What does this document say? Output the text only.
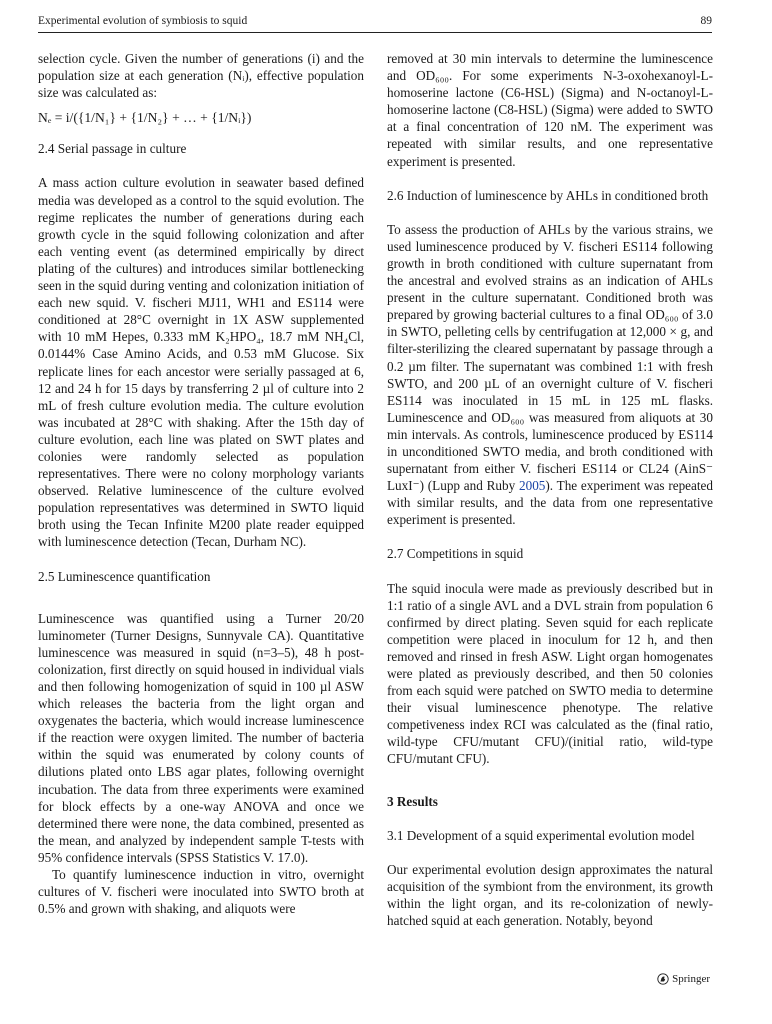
Experimental evolution of symbiosis to squid	89

selection cycle. Given the number of generations (i) and the population size at each generation (Nᵢ), effective population size was calculated as:

Nₑ = i/({1/N₁} + {1/N₂} + … + {1/Nᵢ})
2.4 Serial passage in culture

A mass action culture evolution in seawater based defined media was developed as a control to the squid evolution. The regime replicates the number of generations during each growth cycle in the squid following colonization and after each venting event (as determined empirically by direct plating of the cultures) and introduces similar bottlenecking seen in the squid during venting and colonization initiation of each new squid. V. fischeri MJ11, WH1 and ES114 were conditioned at 28°C overnight in 1X ASW supplemented with 10 mM Hepes, 0.333 mM K₂HPO₄, 18.7 mM NH₄Cl, 0.0144% Case Amino Acids, and 0.53 mM Glucose. Six replicate lines for each ancestor were serially passaged at 6, 12 and 24 h for 15 days by transferring 2 µl of culture into 2 mL of fresh culture evolution media. The culture evolution was incubated at 28°C with shaking. After the 15th day of culture evolution, each line was plated on SWT plates and colonies were randomly selected as population representatives. There were no colony morphology variants observed. Relative luminescence of the culture evolved population representatives was determined in SWTO liquid broth using the Tecan Infinite M200 plate reader equipped with luminescence detection (Tecan, Durham NC).

2.5 Luminescence quantification

Luminescence was quantified using a Turner 20/20 luminometer (Turner Designs, Sunnyvale CA). Quantitative luminescence was measured in squid (n=3–5), 48 h post-colonization, first directly on squid housed in individual vials and then following homogenization of squid in 100 µl ASW which releases the bacteria from the light organ and oxygenates the bacteria, which would increase luminescence if the reaction were oxygen limited. The number of bacteria within the squid was enumerated by colony counts of dilutions plated onto LBS agar plates, following overnight incubation. The data from three experiments were examined for block effects by a one-way ANOVA and once we determined there were none, the data combined, presented as the mean, and analyzed by independent sample T-tests with 95% confidence intervals (SPSS Statistics V. 17.0).

To quantify luminescence induction in vitro, overnight cultures of V. fischeri were inoculated into SWTO broth at 0.5% and grown with shaking, and aliquots were

removed at 30 min intervals to determine the luminescence and OD₆₀₀. For some experiments N-3-oxohexanoyl-L-homoserine lactone (C6-HSL) (Sigma) and N-octanoyl-L-homoserine lactone (C8-HSL) (Sigma) were added to SWTO at a final concentration of 120 nM. The experiment was repeated with similar results, and one representative experiment is presented.

2.6 Induction of luminescence by AHLs in conditioned broth

To assess the production of AHLs by the various strains, we used luminescence produced by V. fischeri ES114 following growth in broth conditioned with culture supernatant from the ancestral and evolved strains as an indication of AHLs present in the culture supernatant. Conditioned broth was prepared by growing bacterial cultures to a final OD₆₀₀ of 3.0 in SWTO, pelleting cells by centrifugation at 12,000 × g, and filter-sterilizing the cleared supernatant by passage through a 0.2 µm filter. The supernatant was combined 1:1 with fresh SWTO, and 200 µL of an overnight culture of V. fischeri ES114 was inoculated in 15 mL in 125 mL flasks. Luminescence and OD₆₀₀ was measured from aliquots at 30 min intervals. As controls, luminescence produced by ES114 in unconditioned SWTO media, and broth conditioned with supernatant from either V. fischeri ES114 or CL24 (AinS⁻ LuxI⁻) (Lupp and Ruby 2005). The experiment was repeated with similar results, and the data from one representative experiment is presented.

2.7 Competitions in squid

The squid inocula were made as previously described but in 1:1 ratio of a single AVL and a DVL strain from population 6 confirmed by direct plating. Seven squid for each replicate competition were placed in inoculum for 12 h, and then removed and rinsed in fresh ASW. Light organ homogenates were plated as previously described, and then 50 colonies from each squid were patched on SWTO media to determine their visual luminescence phenotype. The relative competiveness index RCI was calculated as the (final ratio, wild-type CFU/mutant CFU)/(initial ratio, wild-type CFU/mutant CFU).

3 Results
3.1 Development of a squid experimental evolution model

Our experimental evolution design approximates the natural acquisition of the symbiont from the environment, its growth within the light organ, and its re-colonization of newly-hatched squid at each generation. Notably, beyond

Springer
